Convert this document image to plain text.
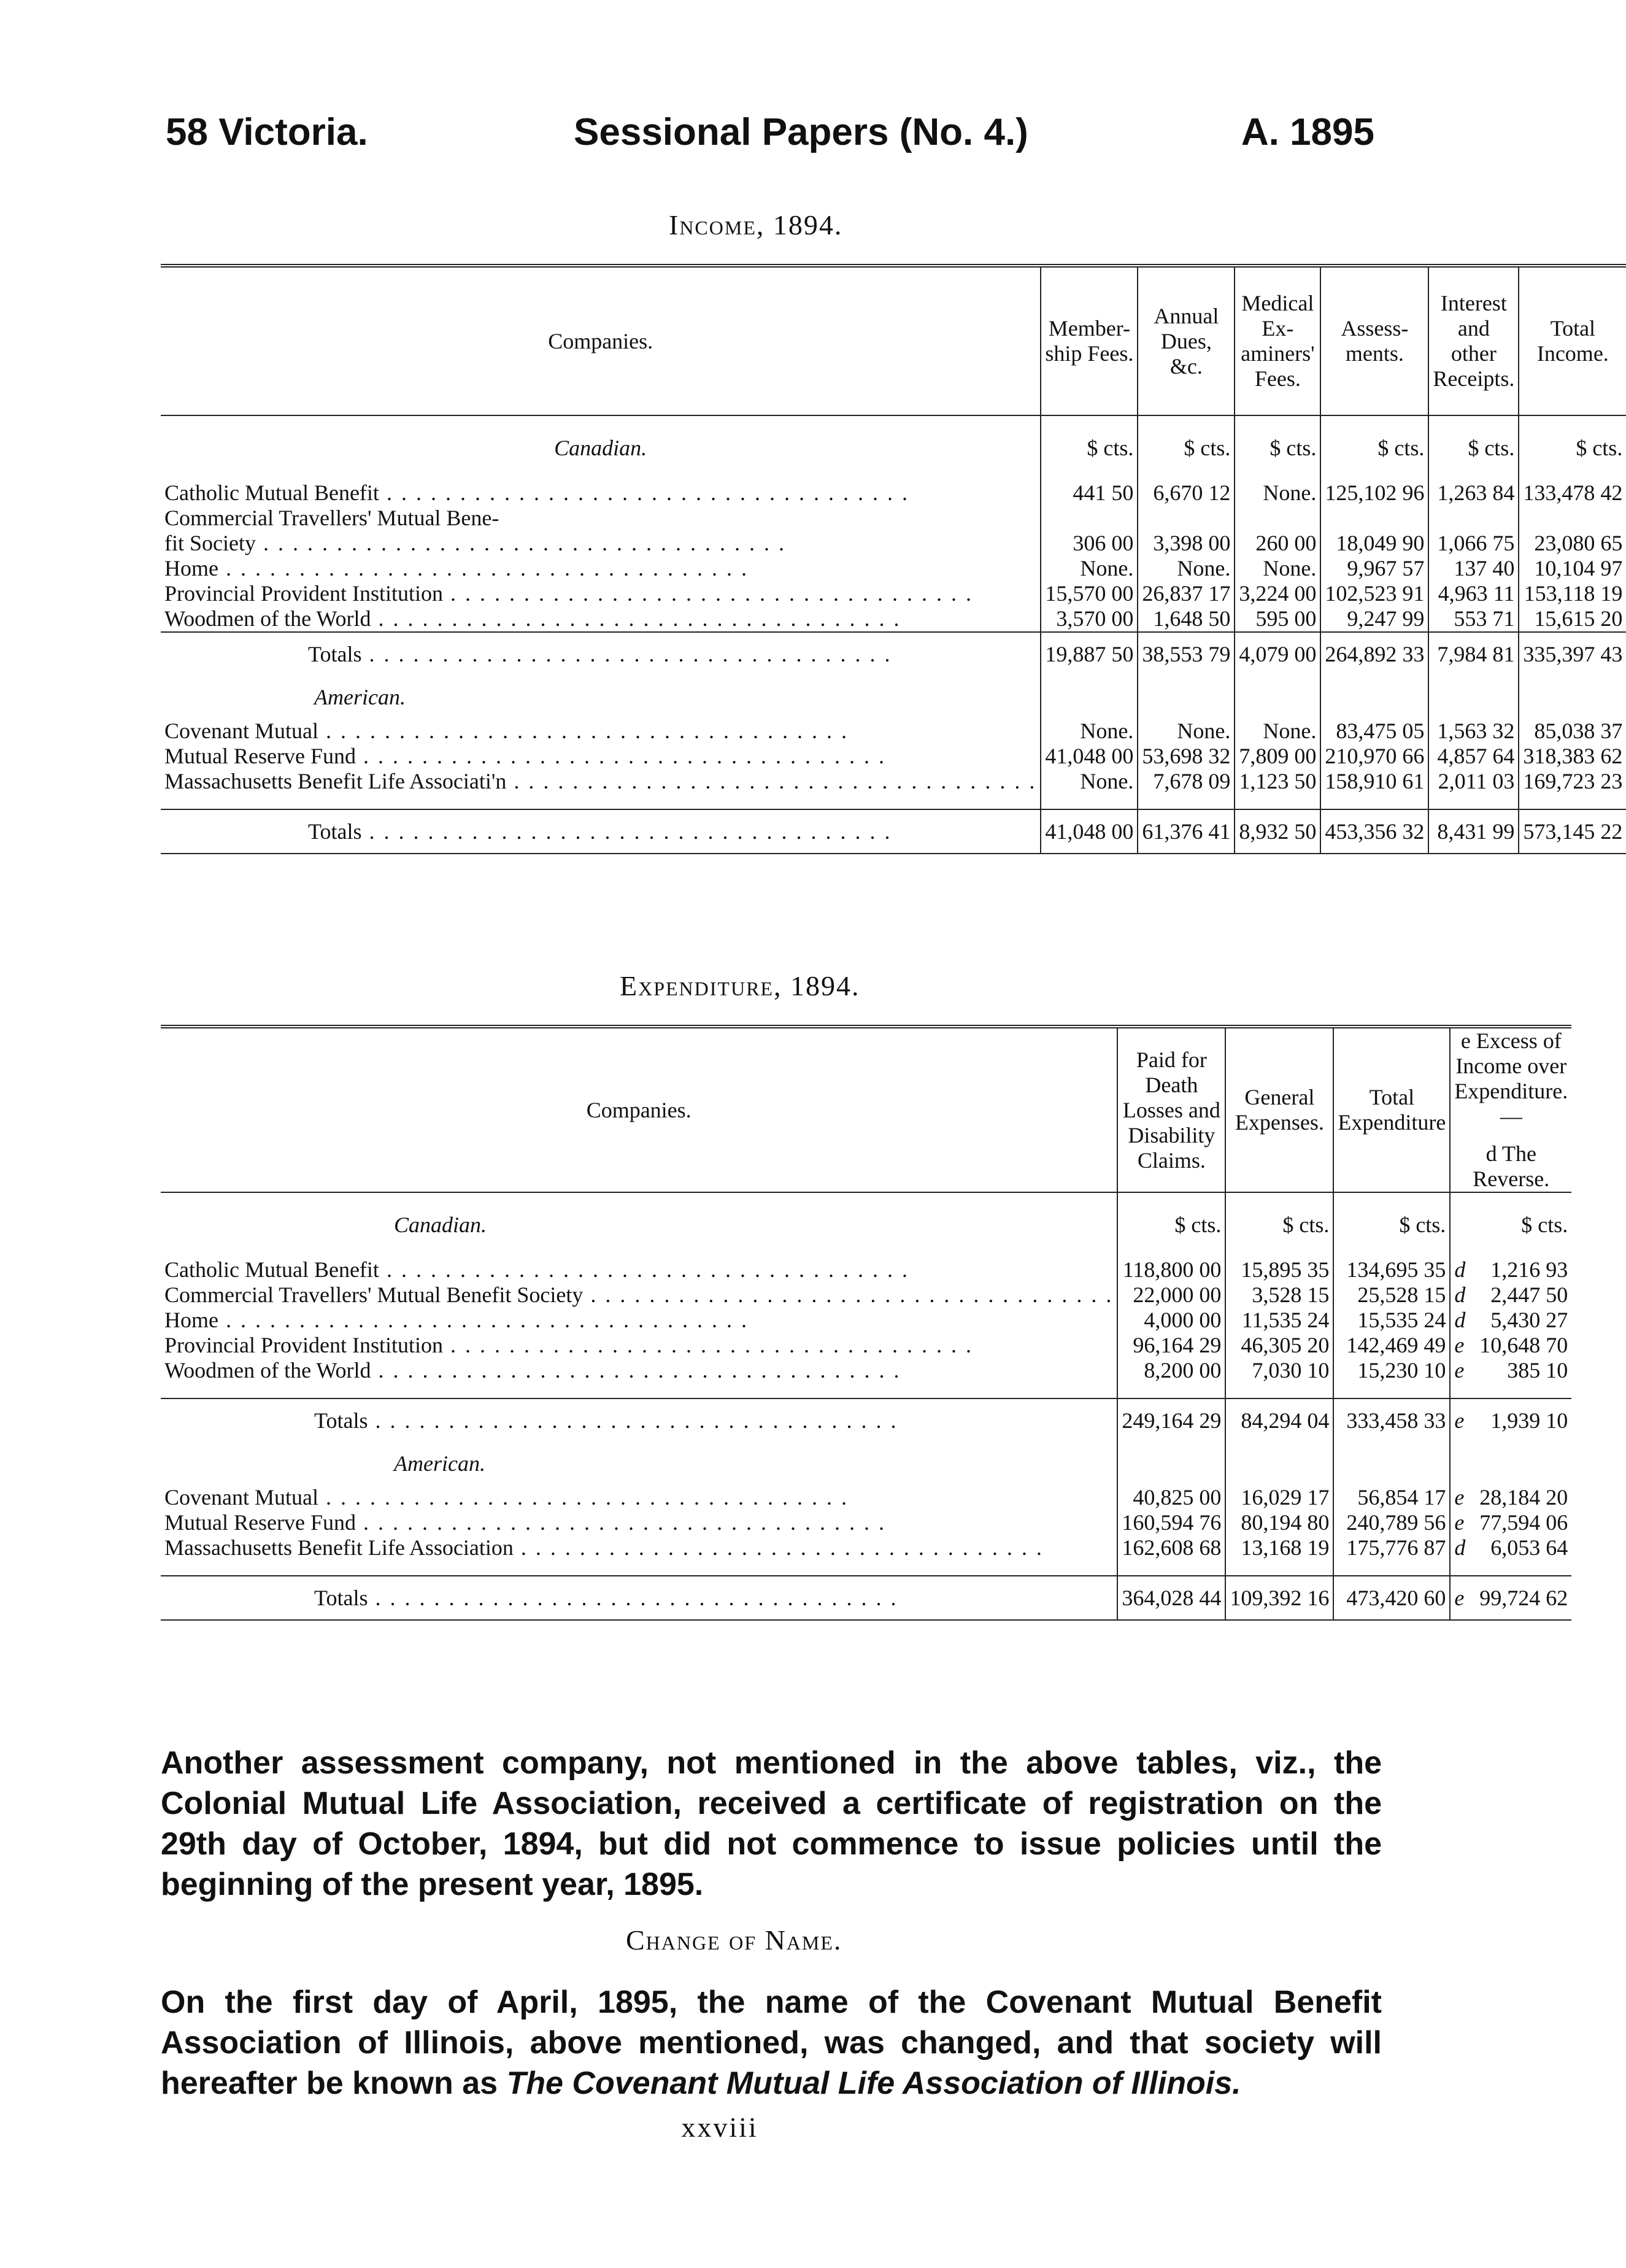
58 Victoria.	Sessional Papers (No. 4.)	A. 1895
Income, 1894.
Companies.	Member-ship Fees.	Annual Dues, &c.	Medical Ex-aminers' Fees.	Assess-ments.	Interest and other Receipts.	Total Income.
Canadian.	$ cts.	$ cts.	$ cts.	$ cts.	$ cts.	$ cts.
Catholic Mutual Benefit . . .	441 50	6,670 12	None.	125,102 96	1,263 84	133,478 42
Commercial Travellers' Mutual Bene-						
fit Society . . .	306 00	3,398 00	260 00	18,049 90	1,066 75	23,080 65
Home . . .	None.	None.	None.	9,967 57	137 40	10,104 97
Provincial Provident Institution . . .	15,570 00	26,837 17	3,224 00	102,523 91	4,963 11	153,118 19
Woodmen of the World . . .	3,570 00	1,648 50	595 00	9,247 99	553 71	15,615 20
Totals . . .	19,887 50	38,553 79	4,079 00	264,892 33	7,984 81	335,397 43
American.						
Covenant Mutual . . .	None.	None.	None.	83,475 05	1,563 32	85,038 37
Mutual Reserve Fund . . .	41,048 00	53,698 32	7,809 00	210,970 66	4,857 64	318,383 62
Massachusetts Benefit Life Associati'n . . .	None.	7,678 09	1,123 50	158,910 61	2,011 03	169,723 23

Totals . . .	41,048 00	61,376 41	8,932 50	453,356 32	8,431 99	573,145 22
Expenditure, 1894.
Companies.	Paid for Death Losses and Disability Claims.	General Expenses.	Total Expenditure	e Excess of Income over Expenditure.
—
d The Reverse.	

Canadian.	$ cts.	$ cts.	$ cts.	$ cts.	
Catholic Mutual Benefit . . .	118,800 00	15,895 35	134,695 35	d	1,216 93
Commercial Travellers' Mutual Benefit Society . . .	22,000 00	3,528 15	25,528 15	d	2,447 50
Home . . .	4,000 00	11,535 24	15,535 24	d	5,430 27
Provincial Provident Institution . . .	96,164 29	46,305 20	142,469 49	e	10,648 70
Woodmen of the World . . .	8,200 00	7,030 10	15,230 10	e	385 10

Totals . . .	249,164 29	84,294 04	333,458 33	e	1,939 10
American.					
Covenant Mutual . . .	40,825 00	16,029 17	56,854 17	e	28,184 20
Mutual Reserve Fund . . .	160,594 76	80,194 80	240,789 56	e	77,594 06
Massachusetts Benefit Life Association . . .	162,608 68	13,168 19	175,776 87	d	6,053 64

Totals . . .	364,028 44	109,392 16	473,420 60	e	99,724 62
Another assessment company, not mentioned in the above tables, viz., the Colonial Mutual Life Association, received a certificate of registration on the 29th day of October, 1894, but did not commence to issue policies until the beginning of the present year, 1895.
Change of Name.
On the first day of April, 1895, the name of the Covenant Mutual Benefit Association of Illinois, above mentioned, was changed, and that society will hereafter be known as The Covenant Mutual Life Association of Illinois.
xxviii
